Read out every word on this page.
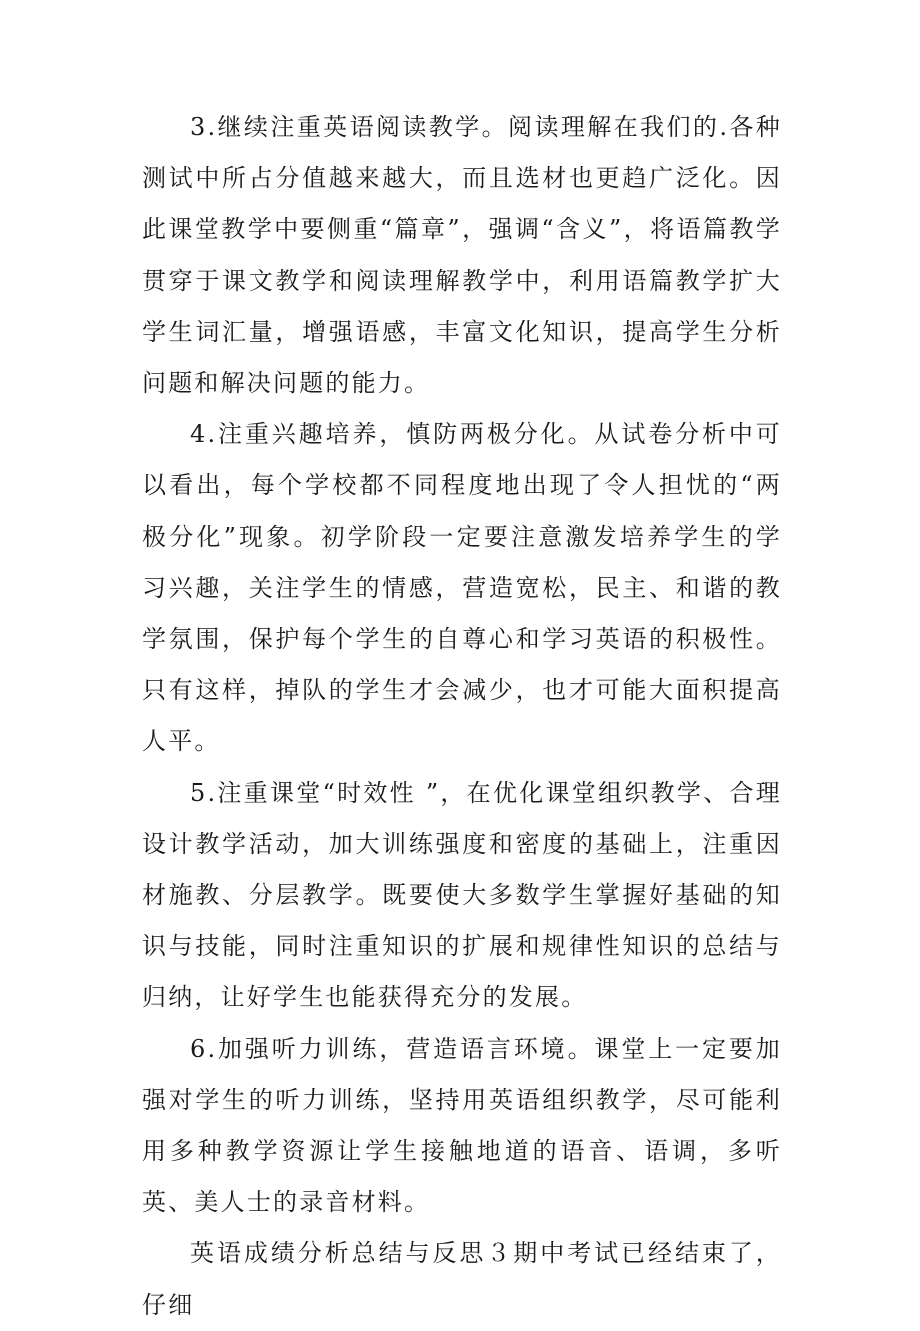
3.继续注重英语阅读教学。阅读理解在我们的.各种测试中所占分值越来越大，而且选材也更趋广泛化。因此课堂教学中要侧重“篇章”，强调“含义”，将语篇教学贯穿于课文教学和阅读理解教学中，利用语篇教学扩大学生词汇量，增强语感，丰富文化知识，提高学生分析问题和解决问题的能力。

4.注重兴趣培养，慎防两极分化。从试卷分析中可以看出，每个学校都不同程度地出现了令人担忧的“两极分化”现象。初学阶段一定要注意激发培养学生的学习兴趣，关注学生的情感，营造宽松，民主、和谐的教学氛围，保护每个学生的自尊心和学习英语的积极性。只有这样，掉队的学生才会减少，也才可能大面积提高人平。

5.注重课堂“时效性 ”，在优化课堂组织教学、合理设计教学活动，加大训练强度和密度的基础上，注重因材施教、分层教学。既要使大多数学生掌握好基础的知识与技能，同时注重知识的扩展和规律性知识的总结与归纳，让好学生也能获得充分的发展。

6.加强听力训练，营造语言环境。课堂上一定要加强对学生的听力训练，坚持用英语组织教学，尽可能利用多种教学资源让学生接触地道的语音、语调，多听英、美人士的录音材料。

英语成绩分析总结与反思３期中考试已经结束了，仔细
